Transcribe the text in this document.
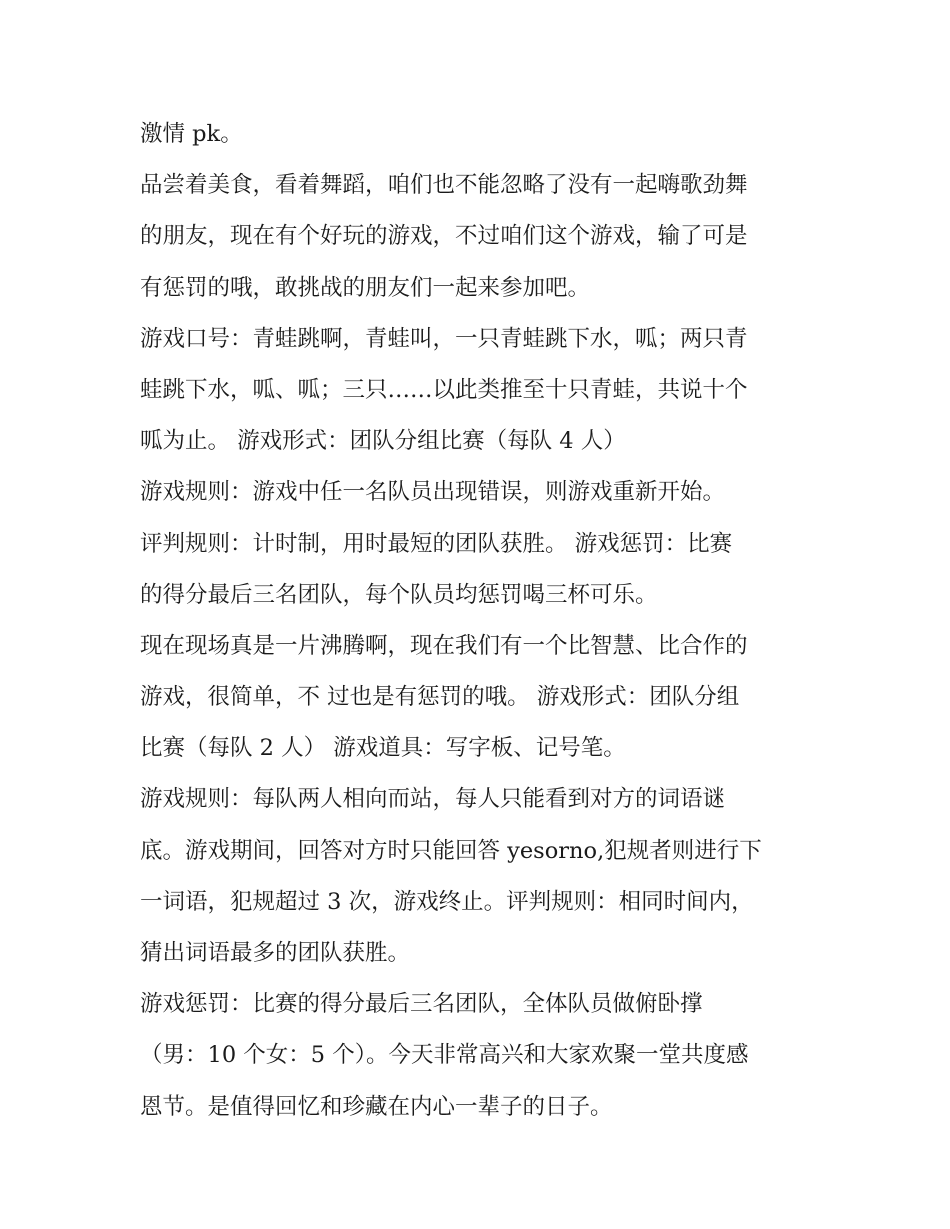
激情 pk。
品尝着美食，看着舞蹈，咱们也不能忽略了没有一起嗨歌劲舞
的朋友，现在有个好玩的游戏，不过咱们这个游戏，输了可是
有惩罚的哦，敢挑战的朋友们一起来参加吧。
游戏口号：青蛙跳啊，青蛙叫，一只青蛙跳下水，呱；两只青
蛙跳下水，呱、呱；三只……以此类推至十只青蛙，共说十个
呱为止。 游戏形式：团队分组比赛（每队 4 人）
游戏规则：游戏中任一名队员出现错误，则游戏重新开始。
评判规则：计时制，用时最短的团队获胜。 游戏惩罚：比赛
的得分最后三名团队，每个队员均惩罚喝三杯可乐。
现在现场真是一片沸腾啊，现在我们有一个比智慧、比合作的
游戏，很简单，不 过也是有惩罚的哦。 游戏形式：团队分组
比赛（每队 2 人） 游戏道具：写字板、记号笔。
游戏规则：每队两人相向而站，每人只能看到对方的词语谜
底。游戏期间，回答对方时只能回答 yesorno,犯规者则进行下
一词语，犯规超过 3 次，游戏终止。评判规则：相同时间内，
猜出词语最多的团队获胜。
游戏惩罚：比赛的得分最后三名团队，全体队员做俯卧撑
（男：10 个女：5 个）。今天非常高兴和大家欢聚一堂共度感
恩节。是值得回忆和珍藏在内心一辈子的日子。
